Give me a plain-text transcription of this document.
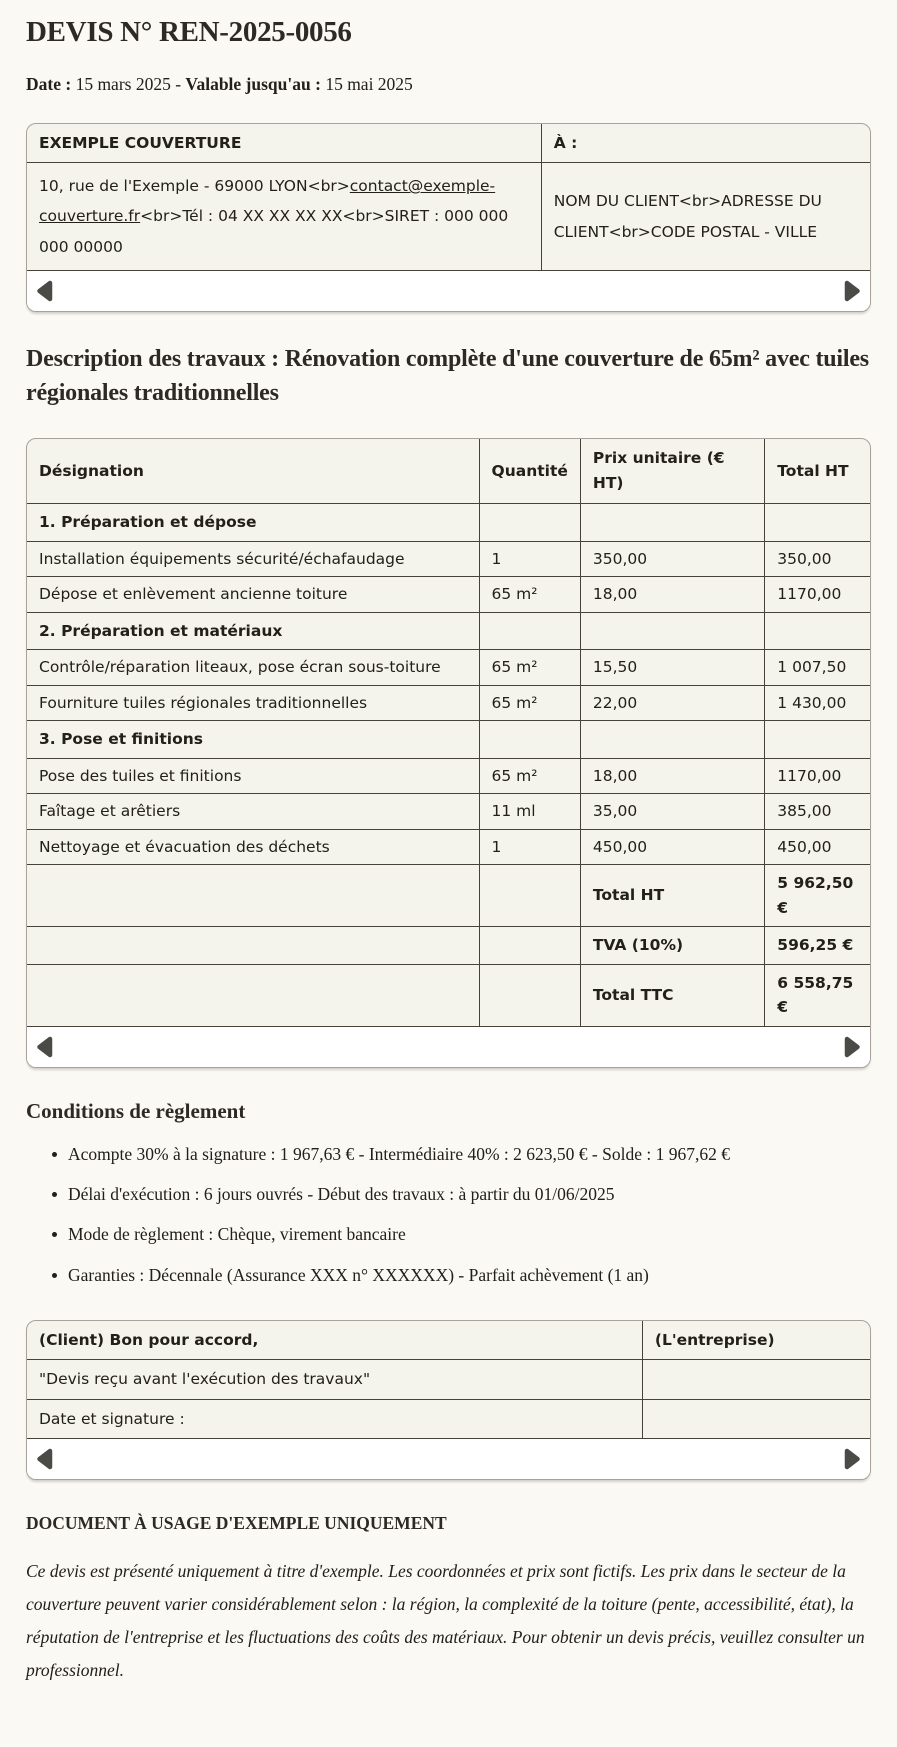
DEVIS N° REN-2025-0056

Date : 15 mars 2025 - Valable jusqu'au : 15 mai 2025

EXEMPLE COUVERTURE	À :
10, rue de l'Exemple - 69000 LYON<br>contact@exemple-couverture.fr<br>Tél : 04 XX XX XX XX<br>SIRET : 000 000 000 00000	NOM DU CLIENT<br>ADRESSE DU CLIENT<br>CODE POSTAL - VILLE
Description des travaux : Rénovation complète d'une couverture de 65m² avec tuiles régionales traditionnelles
Désignation	Quantité	Prix unitaire (€ HT)	Total HT
1. Préparation et dépose			
Installation équipements sécurité/échafaudage	1	350,00	350,00
Dépose et enlèvement ancienne toiture	65 m²	18,00	1170,00
2. Préparation et matériaux			
Contrôle/réparation liteaux, pose écran sous-toiture	65 m²	15,50	1 007,50
Fourniture tuiles régionales traditionnelles	65 m²	22,00	1 430,00
3. Pose et finitions			
Pose des tuiles et finitions	65 m²	18,00	1170,00
Faîtage et arêtiers	11 ml	35,00	385,00
Nettoyage et évacuation des déchets	1	450,00	450,00
		Total HT	5 962,50 €
		TVA (10%)	596,25 €
		Total TTC	6 558,75 €
Conditions de règlement
Acompte 30% à la signature : 1 967,63 € - Intermédiaire 40% : 2 623,50 € - Solde : 1 967,62 €
Délai d'exécution : 6 jours ouvrés - Début des travaux : à partir du 01/06/2025
Mode de règlement : Chèque, virement bancaire
Garanties : Décennale (Assurance XXX n° XXXXXX) - Parfait achèvement (1 an)
(Client) Bon pour accord,	(L'entreprise)
"Devis reçu avant l'exécution des travaux"	
Date et signature :	
DOCUMENT À USAGE D'EXEMPLE UNIQUEMENT

Ce devis est présenté uniquement à titre d'exemple. Les coordonnées et prix sont fictifs. Les prix dans le secteur de la couverture peuvent varier considérablement selon : la région, la complexité de la toiture (pente, accessibilité, état), la réputation de l'entreprise et les fluctuations des coûts des matériaux. Pour obtenir un devis précis, veuillez consulter un professionnel.
